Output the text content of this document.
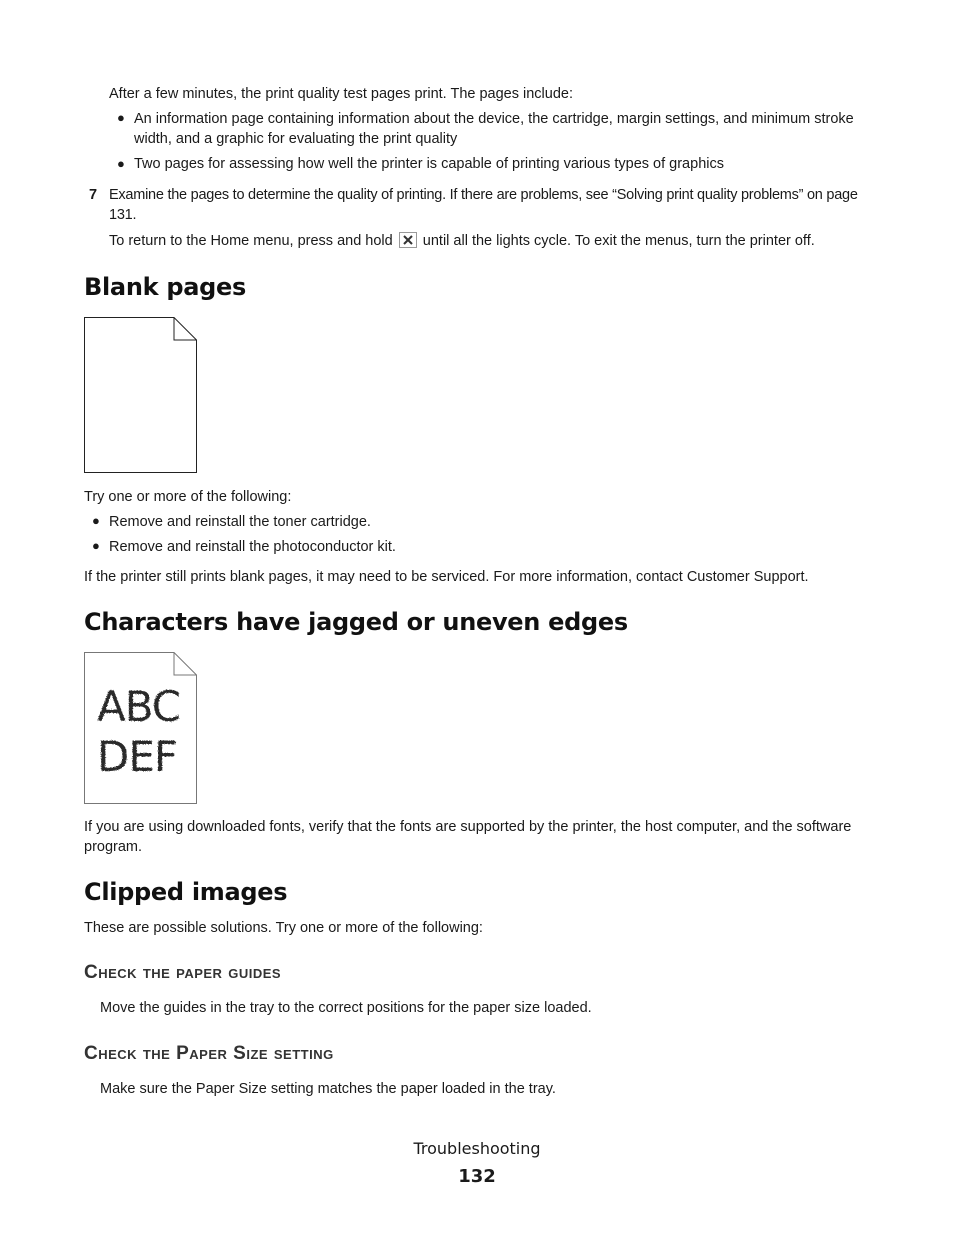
After a few minutes, the print quality test pages print. The pages include:

● An information page containing information about the device, the cartridge, margin settings, and minimum stroke width, and a graphic for evaluating the print quality

● Two pages for assessing how well the printer is capable of printing various types of graphics

7 Examine the pages to determine the quality of printing. If there are problems, see “Solving print quality problems” on page 131.

To return to the Home menu, press and hold until all the lights cycle. To exit the menus, turn the printer off.

Blank pages

Try one or more of the following:

● Remove and reinstall the toner cartridge.

● Remove and reinstall the photoconductor kit.

If the printer still prints blank pages, it may need to be serviced. For more information, contact Customer Support.

Characters have jagged or uneven edges
ABC
DEF

If you are using downloaded fonts, verify that the fonts are supported by the printer, the host computer, and the software program.

Clipped images

These are possible solutions. Try one or more of the following:

Check the paper guides

Move the guides in the tray to the correct positions for the paper size loaded.

Check the Paper Size setting

Make sure the Paper Size setting matches the paper loaded in the tray.

Troubleshooting
132
